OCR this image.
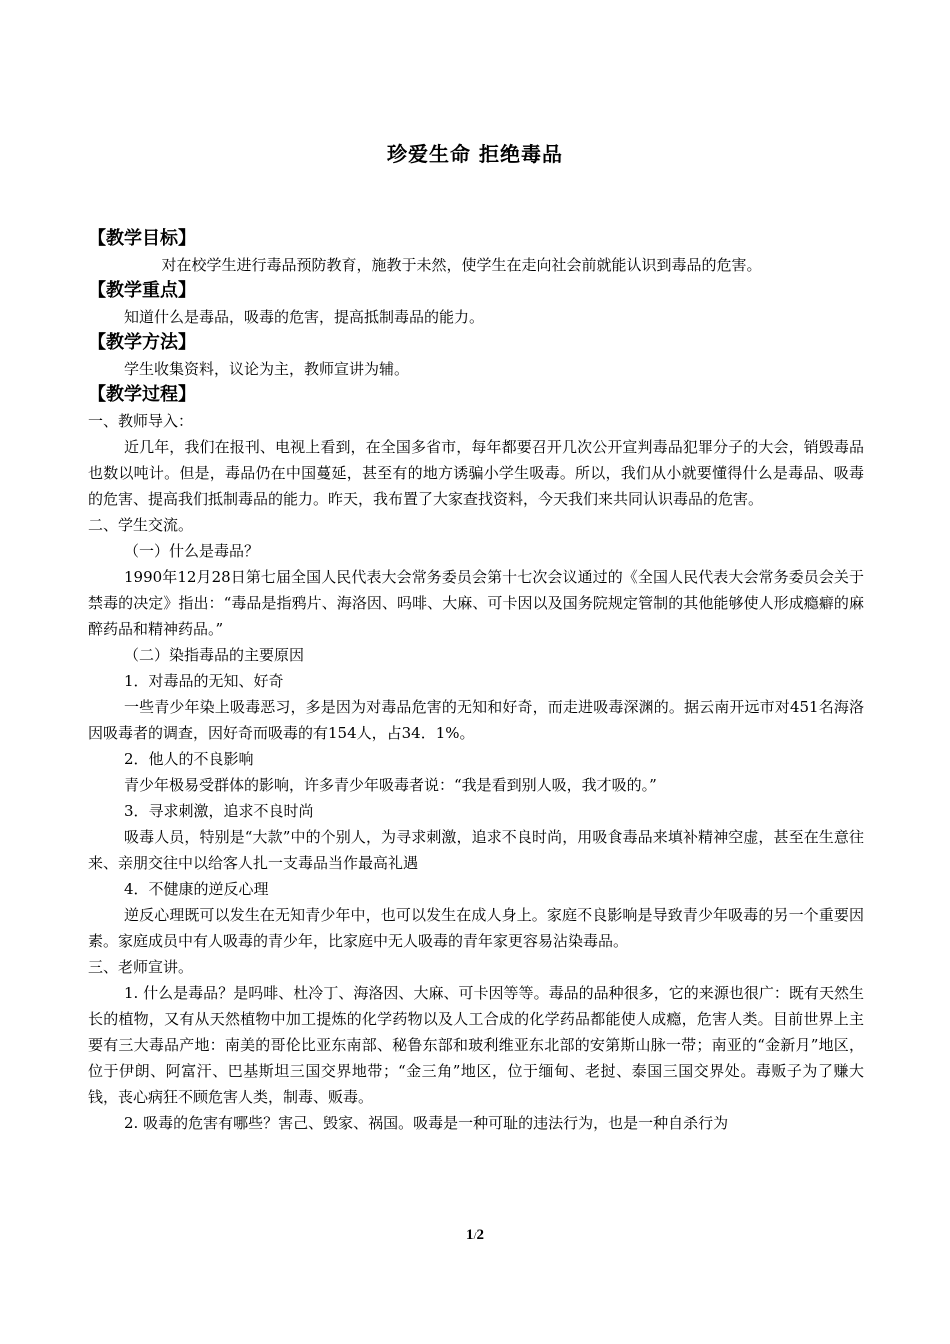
珍爱生命 拒绝毒品
【教学目标】
对在校学生进行毒品预防教育，施教于未然，使学生在走向社会前就能认识到毒品的危害。
【教学重点】
知道什么是毒品，吸毒的危害，提高抵制毒品的能力。
【教学方法】
学生收集资料，议论为主，教师宣讲为辅。
【教学过程】
一、教师导入：
近几年，我们在报刊、电视上看到，在全国多省市，每年都要召开几次公开宣判毒品犯罪分子的大会，销毁毒品也数以吨计。但是，毒品仍在中国蔓延，甚至有的地方诱骗小学生吸毒。所以，我们从小就要懂得什么是毒品、吸毒的危害、提高我们抵制毒品的能力。昨天，我布置了大家查找资料，今天我们来共同认识毒品的危害。
二、学生交流。
（一）什么是毒品？
1990年12月28日第七届全国人民代表大会常务委员会第十七次会议通过的《全国人民代表大会常务委员会关于禁毒的决定》指出：“毒品是指鸦片、海洛因、吗啡、大麻、可卡因以及国务院规定管制的其他能够使人形成瘾癖的麻醉药品和精神药品。”
（二）染指毒品的主要原因
1．对毒品的无知、好奇
一些青少年染上吸毒恶习，多是因为对毒品危害的无知和好奇，而走进吸毒深渊的。据云南开远市对451名海洛因吸毒者的调查，因好奇而吸毒的有154人，占34．1%。
2．他人的不良影响
青少年极易受群体的影响，许多青少年吸毒者说：“我是看到别人吸，我才吸的。”
3．寻求刺激，追求不良时尚
吸毒人员，特别是“大款”中的个别人，为寻求刺激，追求不良时尚，用吸食毒品来填补精神空虚，甚至在生意往来、亲朋交往中以给客人扎一支毒品当作最高礼遇
4．不健康的逆反心理
逆反心理既可以发生在无知青少年中，也可以发生在成人身上。家庭不良影响是导致青少年吸毒的另一个重要因素。家庭成员中有人吸毒的青少年，比家庭中无人吸毒的青年家更容易沾染毒品。
三、老师宣讲。
1. 什么是毒品？是吗啡、杜冷丁、海洛因、大麻、可卡因等等。毒品的品种很多，它的来源也很广：既有天然生长的植物，又有从天然植物中加工提炼的化学药物以及人工合成的化学药品都能使人成瘾，危害人类。目前世界上主要有三大毒品产地：南美的哥伦比亚东南部、秘鲁东部和玻利维亚东北部的安第斯山脉一带；南亚的“金新月”地区，位于伊朗、阿富汗、巴基斯坦三国交界地带；“金三角”地区，位于缅甸、老挝、泰国三国交界处。毒贩子为了赚大钱，丧心病狂不顾危害人类，制毒、贩毒。
2. 吸毒的危害有哪些？害己、毁家、祸国。吸毒是一种可耻的违法行为，也是一种自杀行为
1/2
